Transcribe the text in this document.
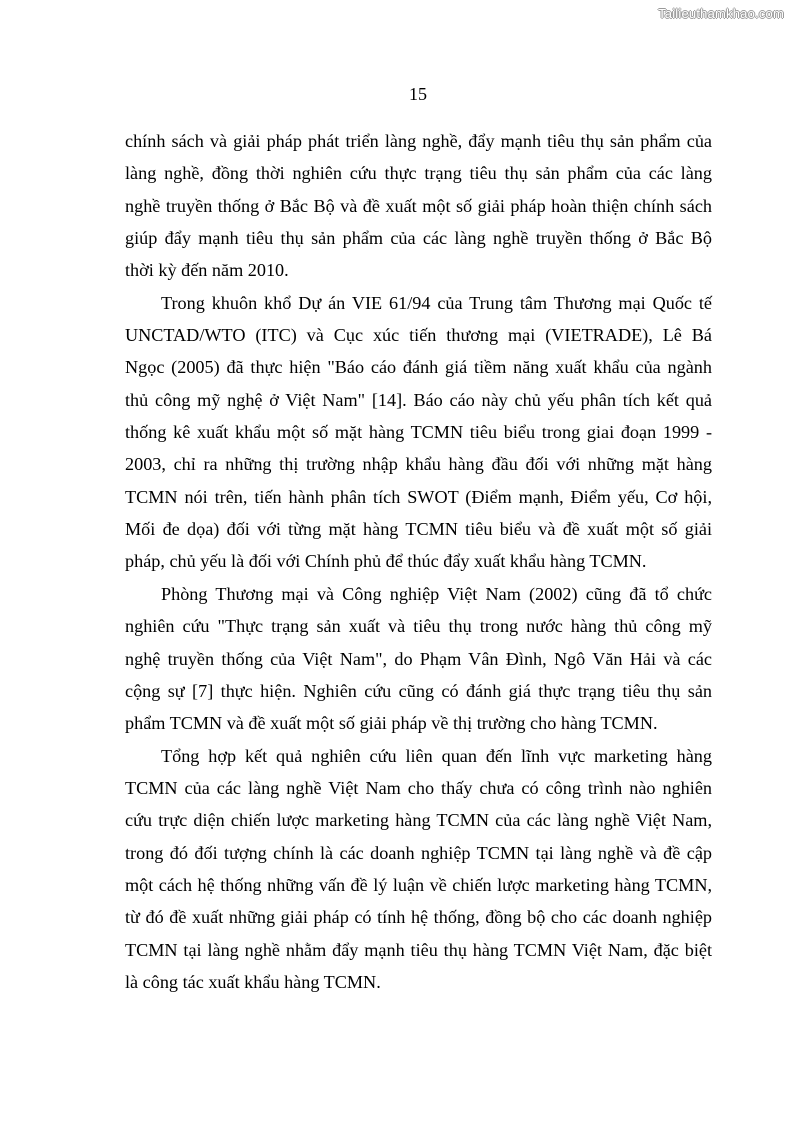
Tailieuthamkhao.com
15
chính sách và giải pháp phát triển làng nghề, đẩy mạnh tiêu thụ sản phẩm của
làng nghề, đồng thời nghiên cứu thực trạng tiêu thụ sản phẩm của các làng
nghề truyền thống ở Bắc Bộ và đề xuất một số giải pháp hoàn thiện chính sách
giúp đẩy mạnh tiêu thụ sản phẩm của các làng nghề truyền thống ở Bắc Bộ
thời kỳ đến năm 2010.
Trong khuôn khổ Dự án VIE 61/94 của Trung tâm Thương mại Quốc tế
UNCTAD/WTO (ITC) và Cục xúc tiến thương mại (VIETRADE), Lê Bá
Ngọc (2005) đã thực hiện "Báo cáo đánh giá tiềm năng xuất khẩu của ngành
thủ công mỹ nghệ ở Việt Nam" [14]. Báo cáo này chủ yếu phân tích kết quả
thống kê xuất khẩu một số mặt hàng TCMN tiêu biểu trong giai đoạn 1999 -
2003, chỉ ra những thị trường nhập khẩu hàng đầu đối với những mặt hàng
TCMN nói trên, tiến hành phân tích SWOT (Điểm mạnh, Điểm yếu, Cơ hội,
Mối đe dọa) đối với từng mặt hàng TCMN tiêu biểu và đề xuất một số giải
pháp, chủ yếu là đối với Chính phủ để thúc đẩy xuất khẩu hàng TCMN.
Phòng Thương mại và Công nghiệp Việt Nam (2002) cũng đã tổ chức
nghiên cứu "Thực trạng sản xuất và tiêu thụ trong nước hàng thủ công mỹ
nghệ truyền thống của Việt Nam", do Phạm Vân Đình, Ngô Văn Hải và các
cộng sự [7] thực hiện. Nghiên cứu cũng có đánh giá thực trạng tiêu thụ sản
phẩm TCMN và đề xuất một số giải pháp về thị trường cho hàng TCMN.
Tổng hợp kết quả nghiên cứu liên quan đến lĩnh vực marketing hàng
TCMN của các làng nghề Việt Nam cho thấy chưa có công trình nào nghiên
cứu trực diện chiến lược marketing hàng TCMN của các làng nghề Việt Nam,
trong đó đối tượng chính là các doanh nghiệp TCMN tại làng nghề và đề cập
một cách hệ thống những vấn đề lý luận về chiến lược marketing hàng TCMN,
từ đó đề xuất những giải pháp có tính hệ thống, đồng bộ cho các doanh nghiệp
TCMN tại làng nghề nhằm đẩy mạnh tiêu thụ hàng TCMN Việt Nam, đặc biệt
là công tác xuất khẩu hàng TCMN.
